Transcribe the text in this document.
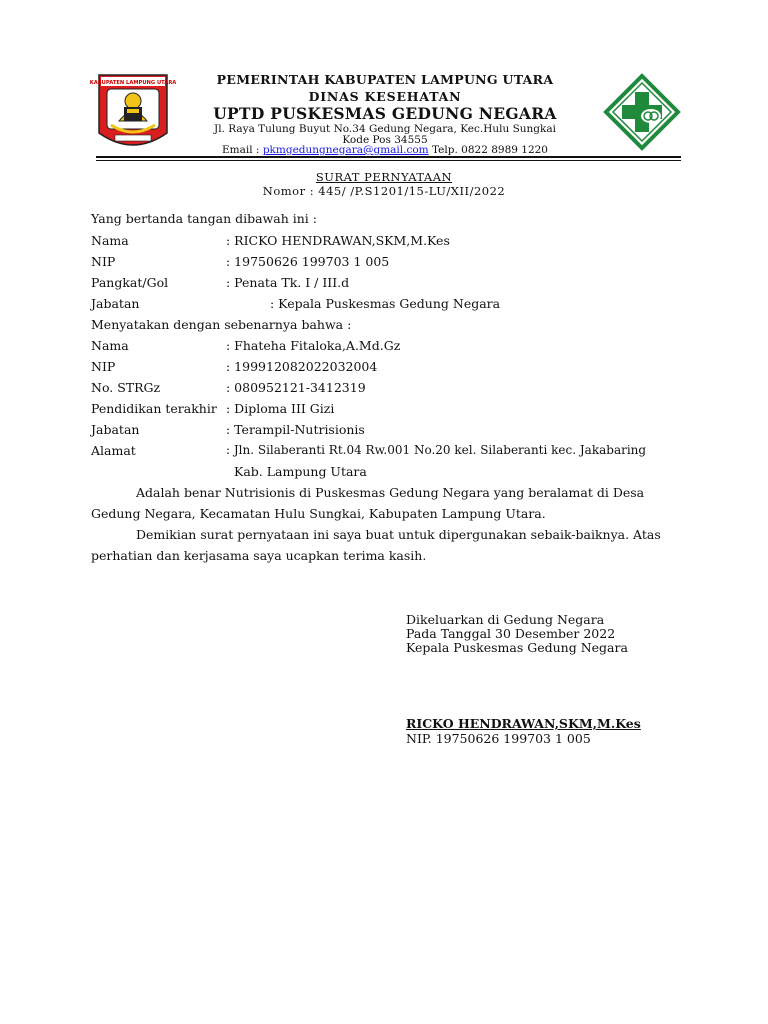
KABUPATEN LAMPUNG UTARA	PEMERINTAH KABUPATEN LAMPUNG UTARA
DINAS KESEHATAN
UPTD PUSKESMAS GEDUNG NEGARA
Jl. Raya Tulung Buyut No.34 Gedung Negara, Kec.Hulu Sungkai
Kode Pos 34555
Email : pkmgedungnegara@gmail.com Telp. 0822 8989 1220
SURAT PERNYATAAN
Nomor : 445/ /P.S1201/15-LU/XII/2022
Yang bertanda tangan dibawah ini :
Nama	: RICKO HENDRAWAN,SKM,M.Kes
NIP	: 19750626 199703 1 005
Pangkat/Gol	: Penata Tk. I / III.d
Jabatan	: Kepala Puskesmas Gedung Negara
Menyatakan dengan sebenarnya bahwa :
Nama	: Fhateha Fitaloka,A.Md.Gz
NIP	: 199912082022032004
No. STRGz	: 080952121-3412319
Pendidikan terakhir : Diploma III Gizi
Jabatan	: Terampil-Nutrisionis
Alamat	: Jln. Silaberanti Rt.04 Rw.001 No.20 kel. Silaberanti kec. Jakabaring
Kab. Lampung Utara
Adalah benar Nutrisionis di Puskesmas Gedung Negara yang beralamat di Desa Gedung Negara, Kecamatan Hulu Sungkai, Kabupaten Lampung Utara.
Demikian surat pernyataan ini saya buat untuk dipergunakan sebaik-baiknya. Atas perhatian dan kerjasama saya ucapkan terima kasih.
Dikeluarkan di Gedung Negara
Pada Tanggal 30 Desember 2022
Kepala Puskesmas Gedung Negara
RICKO HENDRAWAN,SKM,M.Kes
NIP. 19750626 199703 1 005
